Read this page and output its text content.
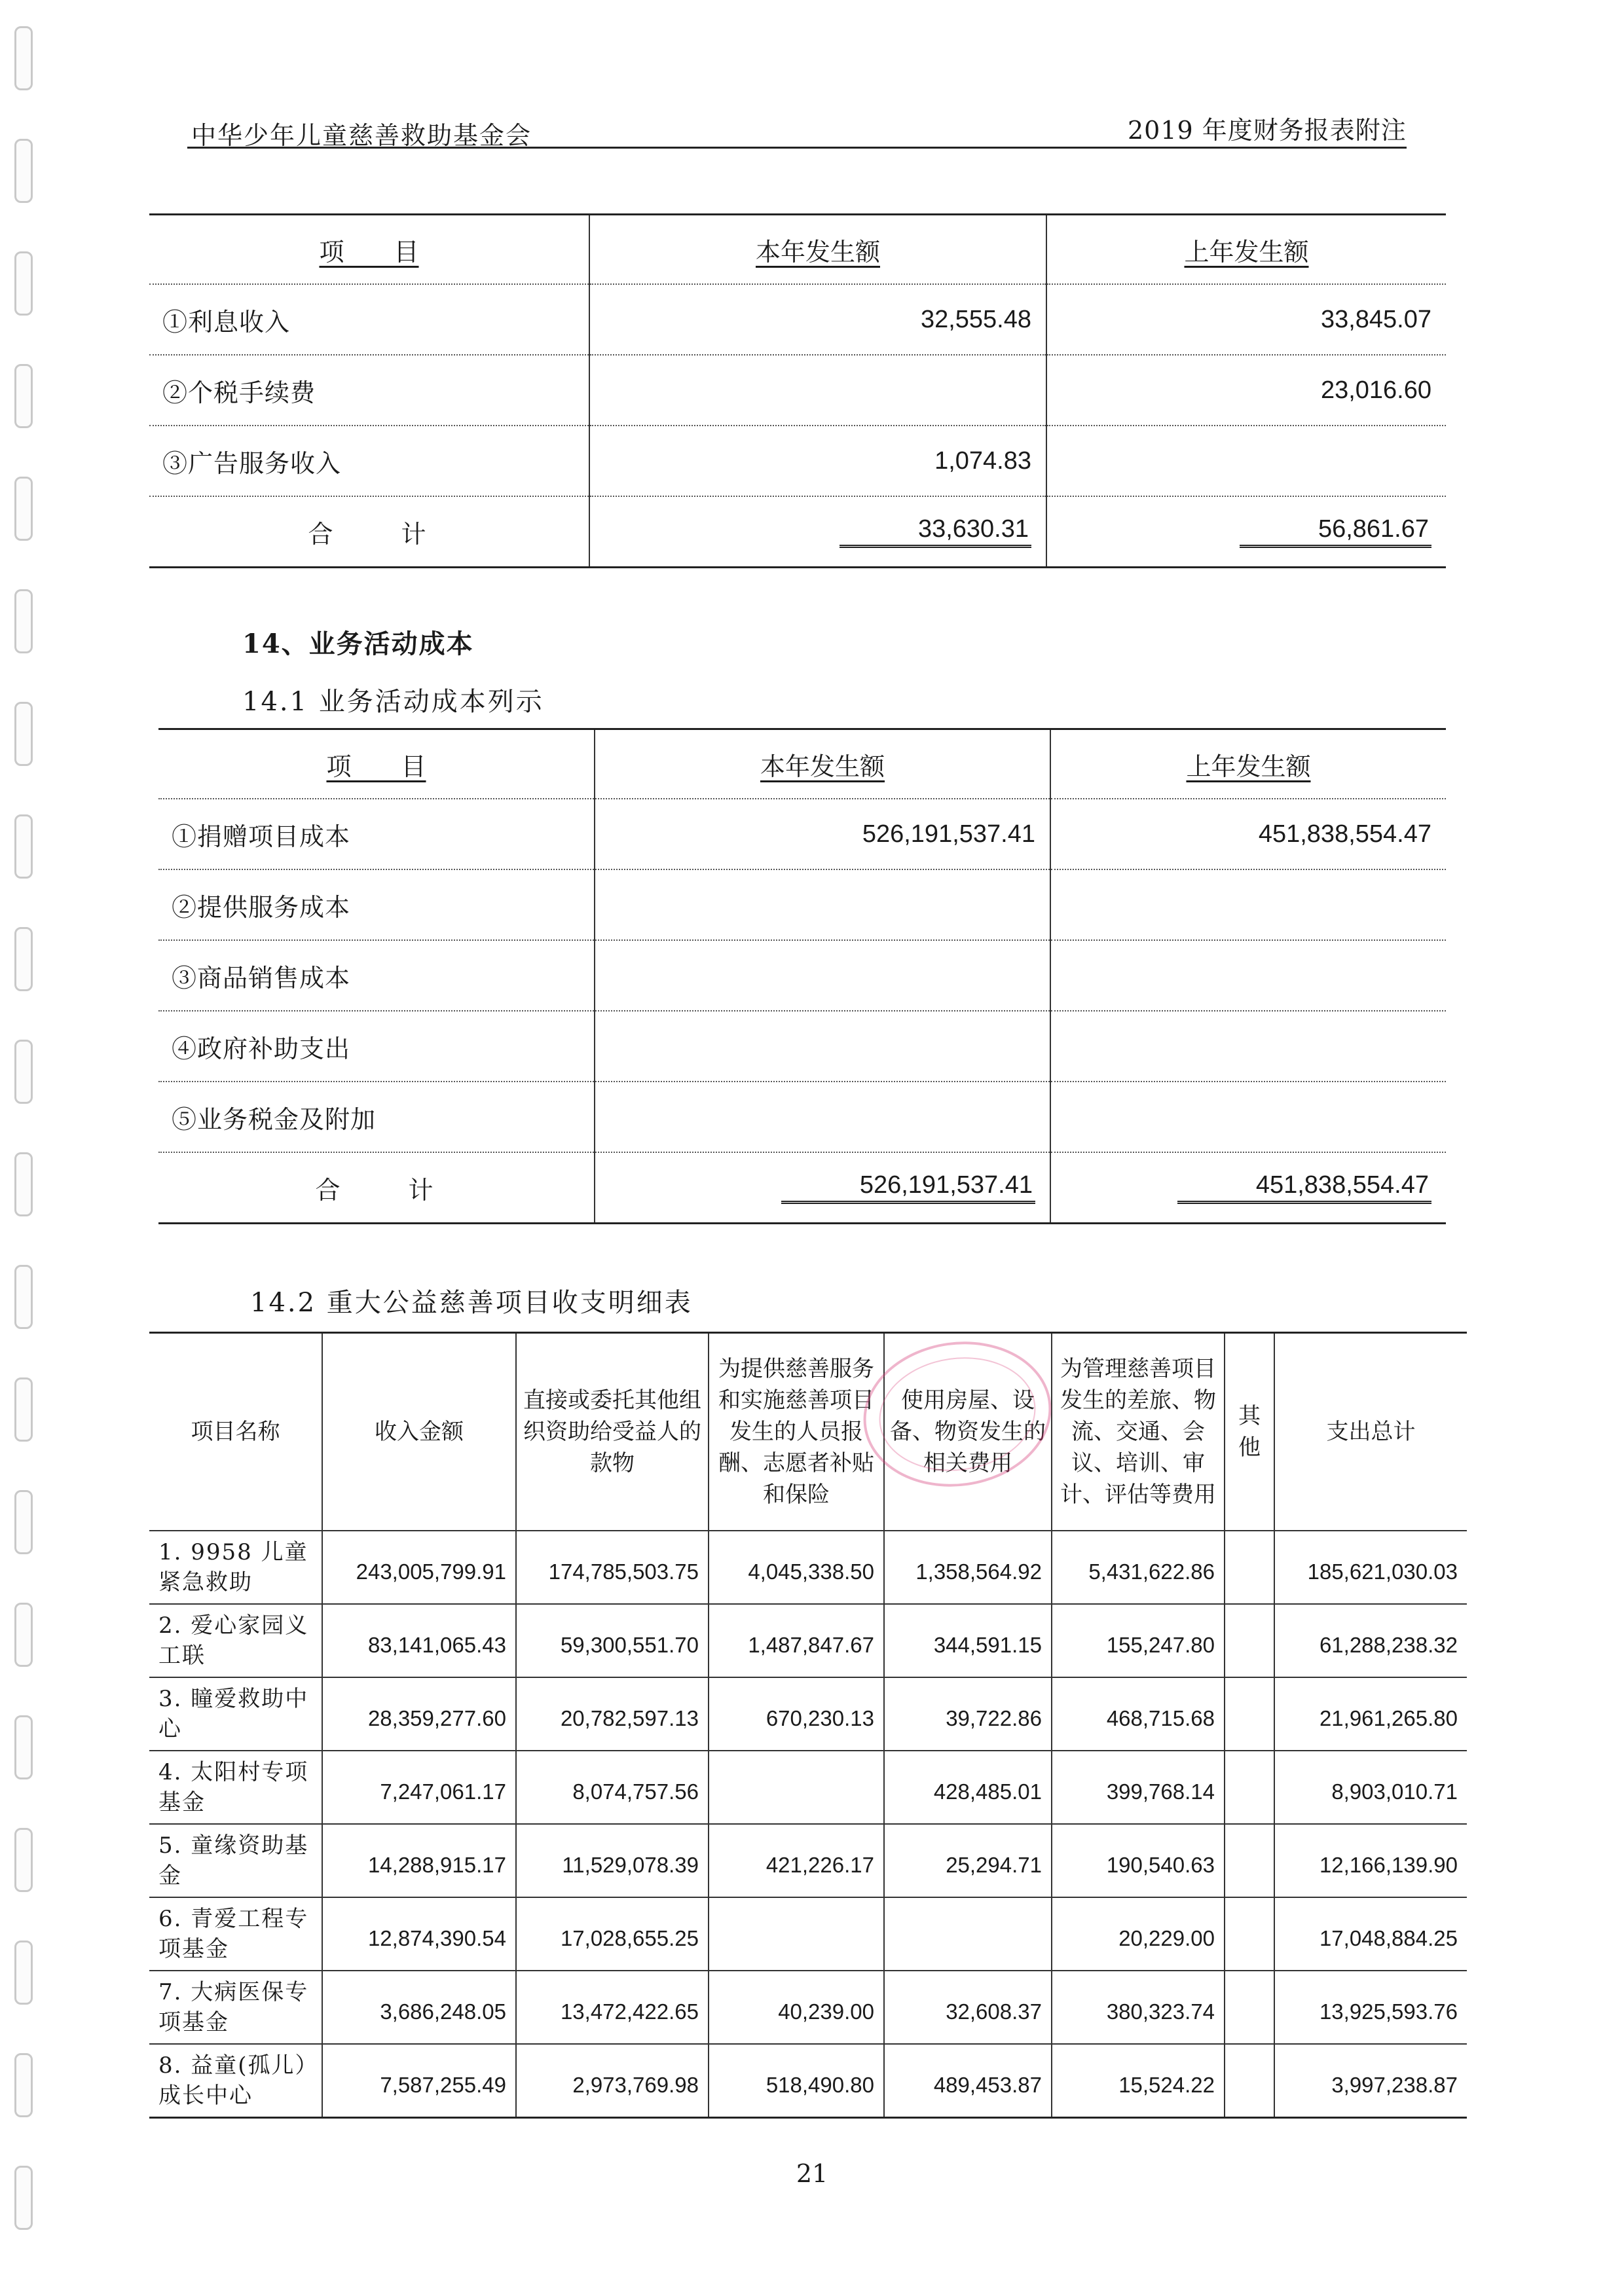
中华少年儿童慈善救助基金会	2019 年度财务报表附注
项　　目	本年发生额	上年发生额
①利息收入	32,555.48	33,845.07
②个税手续费		23,016.60
③广告服务收入	1,074.83	
合 计	33,630.31	56,861.67
14、业务活动成本
14.1 业务活动成本列示
项　　目	本年发生额	上年发生额
①捐赠项目成本	526,191,537.41	451,838,554.47
②提供服务成本		
③商品销售成本		
④政府补助支出		
⑤业务税金及附加		
合 计	526,191,537.41	451,838,554.47
14.2 重大公益慈善项目收支明细表
项目名称	收入金额	直接或委托其他组织资助给受益人的款物	为提供慈善服务和实施慈善项目发生的人员报酬、志愿者补贴和保险	使用房屋、设备、物资发生的相关费用	为管理慈善项目发生的差旅、物流、交通、会议、培训、审计、评估等费用	其他	支出总计
1. 9958 儿童紧急救助	243,005,799.91	174,785,503.75	4,045,338.50	1,358,564.92	5,431,622.86		185,621,030.03
2. 爱心家园义工联	83,141,065.43	59,300,551.70	1,487,847.67	344,591.15	155,247.80		61,288,238.32
3. 瞳爱救助中心	28,359,277.60	20,782,597.13	670,230.13	39,722.86	468,715.68		21,961,265.80
4. 太阳村专项基金	7,247,061.17	8,074,757.56		428,485.01	399,768.14		8,903,010.71
5. 童缘资助基金	14,288,915.17	11,529,078.39	421,226.17	25,294.71	190,540.63		12,166,139.90
6. 青爱工程专项基金	12,874,390.54	17,028,655.25			20,229.00		17,048,884.25
7. 大病医保专项基金	3,686,248.05	13,472,422.65	40,239.00	32,608.37	380,323.74		13,925,593.76
8. 益童(孤儿）成长中心	7,587,255.49	2,973,769.98	518,490.80	489,453.87	15,524.22		3,997,238.87
21
